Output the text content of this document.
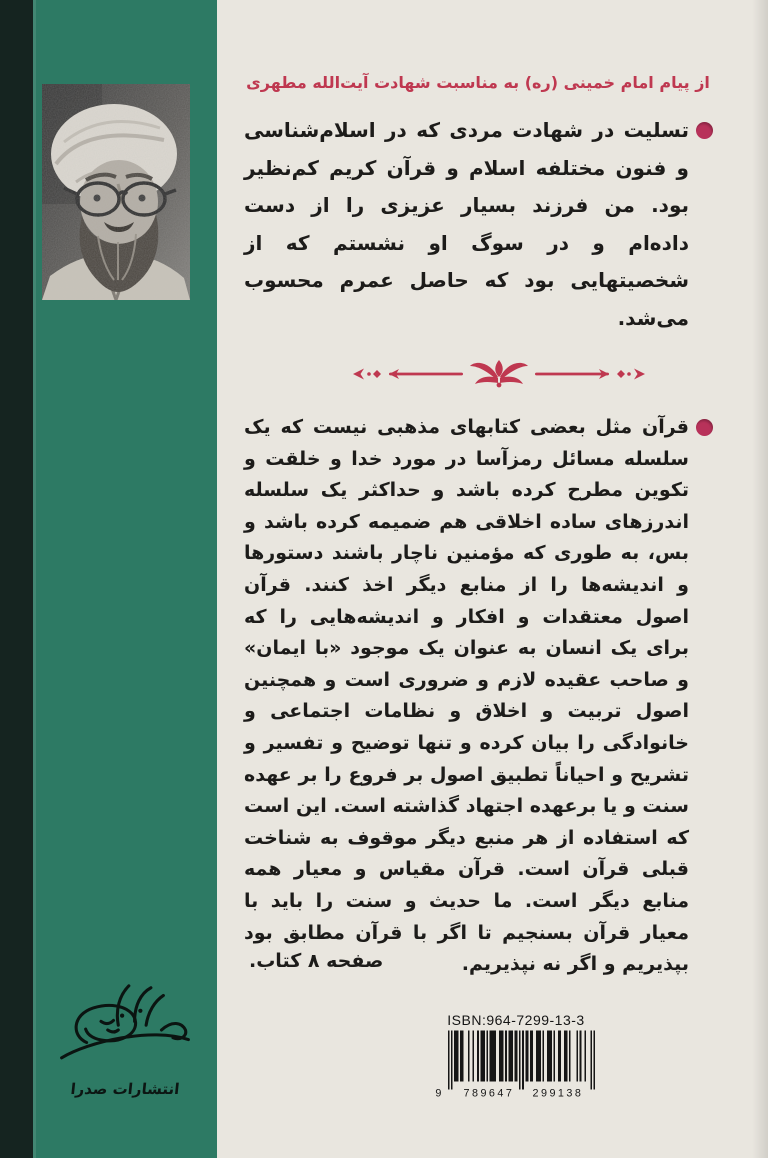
انتشارات صدرا
از پیام امام خمینی (ره) به مناسبت شهادت آیت‌الله مطهری
تسلیت در شهادت مردی که در اسلام‌شناسی و فنون مختلفه اسلام و قرآن کریم کم‌نظیر بود. من فرزند بسیار عزیزی را از دست داده‌ام و در سوگ او نشستم که از شخصیتهایی بود که حاصل عمرم محسوب می‌شد.
قرآن مثل بعضی کتابهای مذهبی نیست که یک سلسله مسائل رمزآسا در مورد خدا و خلقت و تکوین مطرح کرده باشد و حداکثر یک سلسله اندرزهای ساده اخلاقی هم ضمیمه کرده باشد و بس، به طوری که مؤمنین ناچار باشند دستورها و اندیشه‌ها را از منابع دیگر اخذ کنند. قرآن اصول معتقدات و افکار و اندیشه‌هایی را که برای یک انسان به عنوان یک موجود «با ایمان» و صاحب عقیده لازم و ضروری است و همچنین اصول تربیت و اخلاق و نظامات اجتماعی و خانوادگی را بیان کرده و تنها توضیح و تفسیر و تشریح و احیاناً تطبیق اصول بر فروع را بر عهده سنت و یا برعهده اجتهاد گذاشته است. این است که استفاده از هر منبع دیگر موقوف به شناخت قبلی قرآن است. قرآن مقیاس و معیار همه منابع دیگر است. ما حدیث و سنت را باید با معیار قرآن بسنجیم تا اگر با قرآن مطابق بود بپذیریم و اگر نه نپذیریم.
صفحه ۸ کتاب.
ISBN:964-7299-13-3
9 789647 299138
